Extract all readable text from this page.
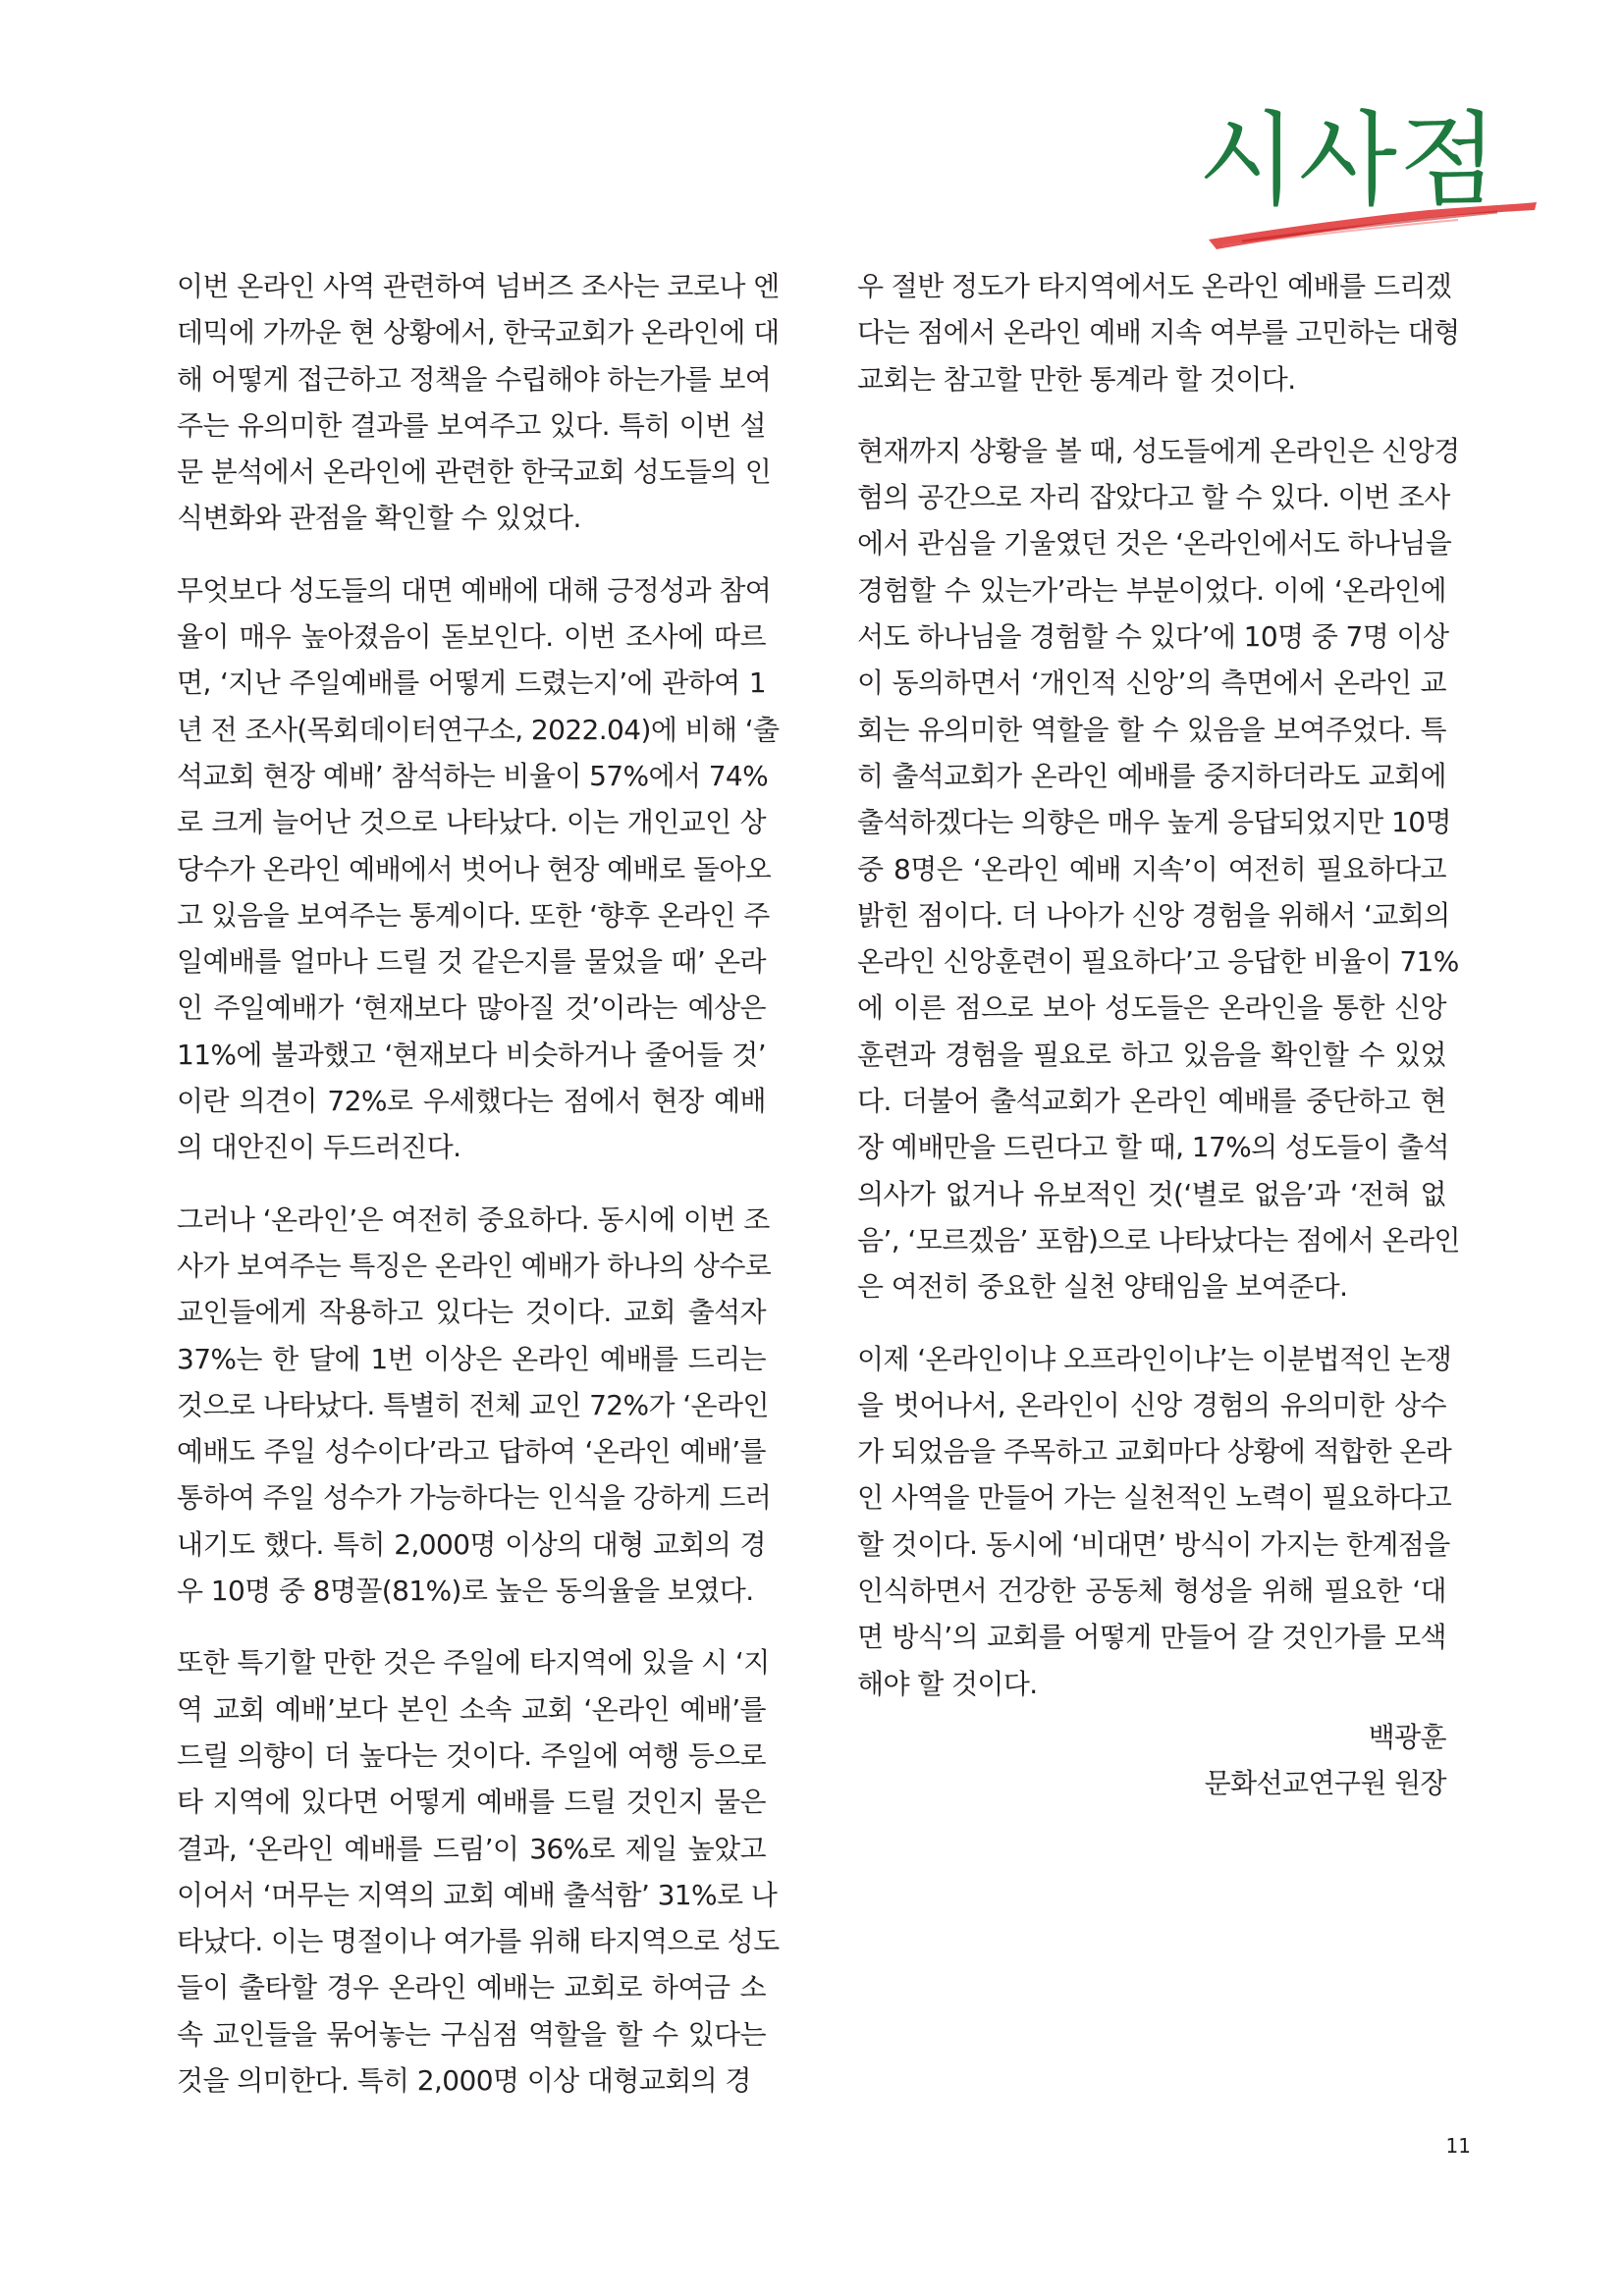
시사점
이번 온라인 사역 관련하여 넘버즈 조사는 코로나 엔
데믹에 가까운 현 상황에서, 한국교회가 온라인에 대
해 어떻게 접근하고 정책을 수립해야 하는가를 보여
주는 유의미한 결과를 보여주고 있다. 특히 이번 설
문 분석에서 온라인에 관련한 한국교회 성도들의 인
식변화와 관점을 확인할 수 있었다.
무엇보다 성도들의 대면 예배에 대해 긍정성과 참여
율이 매우 높아졌음이 돋보인다. 이번 조사에 따르
면, ‘지난 주일예배를 어떻게 드렸는지’에 관하여 1
년 전 조사(목회데이터연구소, 2022.04)에 비해 ‘출
석교회 현장 예배’ 참석하는 비율이 57%에서 74%
로 크게 늘어난 것으로 나타났다. 이는 개인교인 상
당수가 온라인 예배에서 벗어나 현장 예배로 돌아오
고 있음을 보여주는 통계이다. 또한 ‘향후 온라인 주
일예배를 얼마나 드릴 것 같은지를 물었을 때’ 온라
인 주일예배가 ‘현재보다 많아질 것’이라는 예상은
11%에 불과했고 ‘현재보다 비슷하거나 줄어들 것’
이란 의견이 72%로 우세했다는 점에서 현장 예배
의 대안진이 두드러진다.
그러나 ‘온라인’은 여전히 중요하다. 동시에 이번 조
사가 보여주는 특징은 온라인 예배가 하나의 상수로
교인들에게 작용하고 있다는 것이다. 교회 출석자
37%는 한 달에 1번 이상은 온라인 예배를 드리는
것으로 나타났다. 특별히 전체 교인 72%가 ‘온라인
예배도 주일 성수이다’라고 답하여 ‘온라인 예배’를
통하여 주일 성수가 가능하다는 인식을 강하게 드러
내기도 했다. 특히 2,000명 이상의 대형 교회의 경
우 10명 중 8명꼴(81%)로 높은 동의율을 보였다.
또한 특기할 만한 것은 주일에 타지역에 있을 시 ‘지
역 교회 예배’보다 본인 소속 교회 ‘온라인 예배’를
드릴 의향이 더 높다는 것이다. 주일에 여행 등으로
타 지역에 있다면 어떻게 예배를 드릴 것인지 물은
결과, ‘온라인 예배를 드림’이 36%로 제일 높았고
이어서 ‘머무는 지역의 교회 예배 출석함’ 31%로 나
타났다. 이는 명절이나 여가를 위해 타지역으로 성도
들이 출타할 경우 온라인 예배는 교회로 하여금 소
속 교인들을 묶어놓는 구심점 역할을 할 수 있다는
것을 의미한다. 특히 2,000명 이상 대형교회의 경
우 절반 정도가 타지역에서도 온라인 예배를 드리겠
다는 점에서 온라인 예배 지속 여부를 고민하는 대형
교회는 참고할 만한 통계라 할 것이다.
현재까지 상황을 볼 때, 성도들에게 온라인은 신앙경
험의 공간으로 자리 잡았다고 할 수 있다. 이번 조사
에서 관심을 기울였던 것은 ‘온라인에서도 하나님을
경험할 수 있는가’라는 부분이었다. 이에 ‘온라인에
서도 하나님을 경험할 수 있다’에 10명 중 7명 이상
이 동의하면서 ‘개인적 신앙’의 측면에서 온라인 교
회는 유의미한 역할을 할 수 있음을 보여주었다. 특
히 출석교회가 온라인 예배를 중지하더라도 교회에
출석하겠다는 의향은 매우 높게 응답되었지만 10명
중 8명은 ‘온라인 예배 지속’이 여전히 필요하다고
밝힌 점이다. 더 나아가 신앙 경험을 위해서 ‘교회의
온라인 신앙훈련이 필요하다’고 응답한 비율이 71%
에 이른 점으로 보아 성도들은 온라인을 통한 신앙
훈련과 경험을 필요로 하고 있음을 확인할 수 있었
다. 더불어 출석교회가 온라인 예배를 중단하고 현
장 예배만을 드린다고 할 때, 17%의 성도들이 출석
의사가 없거나 유보적인 것(‘별로 없음’과 ‘전혀 없
음’, ‘모르겠음’ 포함)으로 나타났다는 점에서 온라인
은 여전히 중요한 실천 양태임을 보여준다.
이제 ‘온라인이냐 오프라인이냐’는 이분법적인 논쟁
을 벗어나서, 온라인이 신앙 경험의 유의미한 상수
가 되었음을 주목하고 교회마다 상황에 적합한 온라
인 사역을 만들어 가는 실천적인 노력이 필요하다고
할 것이다. 동시에 ‘비대면’ 방식이 가지는 한계점을
인식하면서 건강한 공동체 형성을 위해 필요한 ‘대
면 방식’의 교회를 어떻게 만들어 갈 것인가를 모색
해야 할 것이다.
백광훈
문화선교연구원 원장
11
